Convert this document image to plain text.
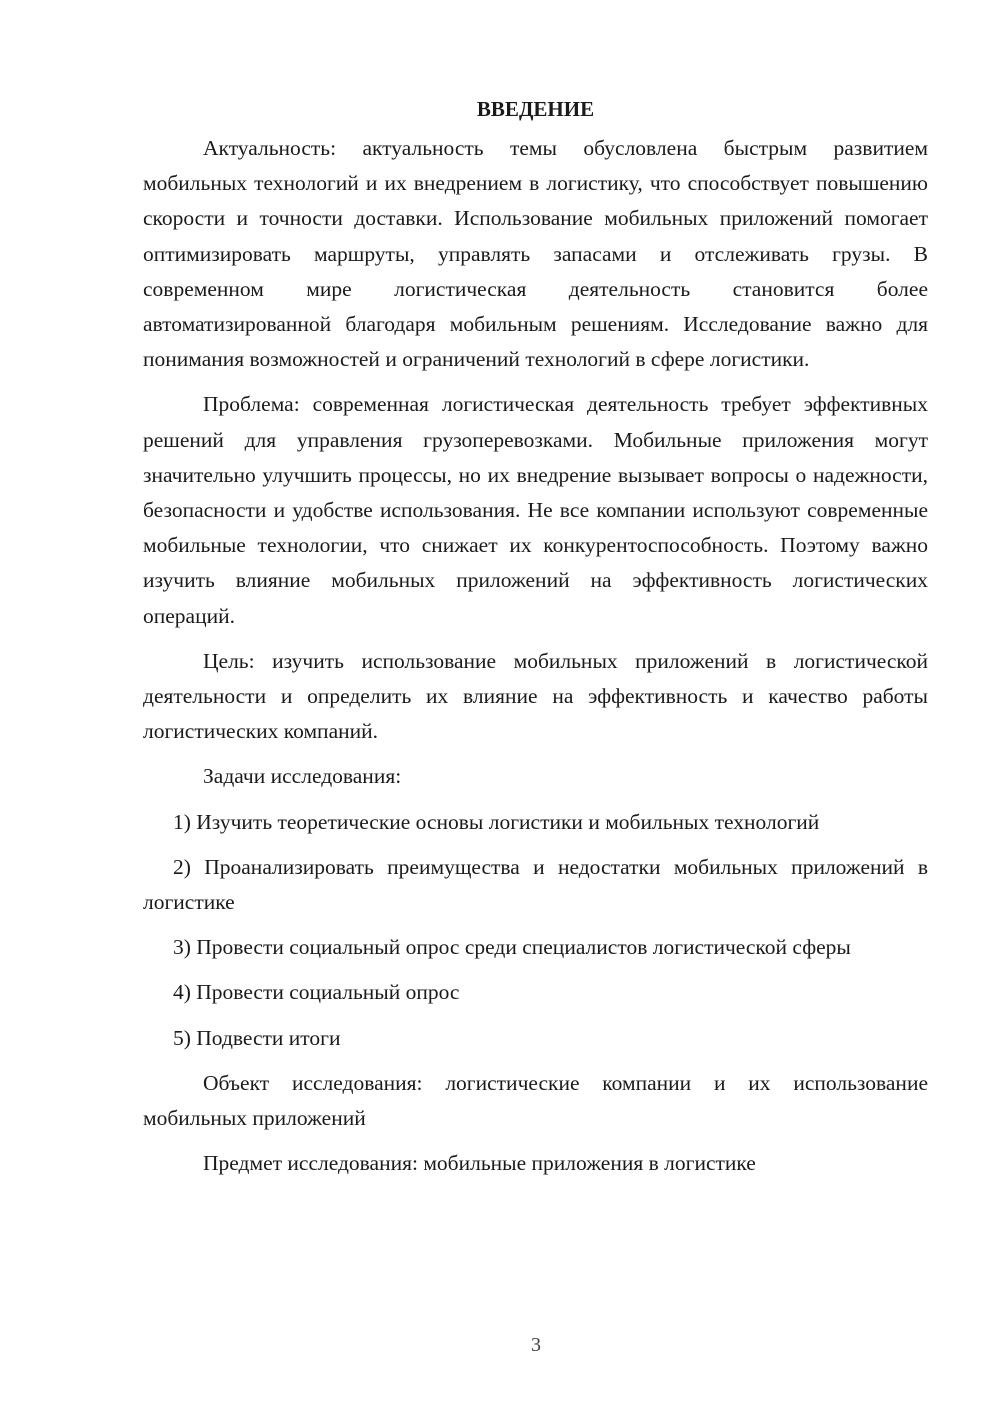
ВВЕДЕНИЕ

Актуальность: актуальность темы обусловлена быстрым развитием мобильных технологий и их внедрением в логистику, что способствует повышению скорости и точности доставки. Использование мобильных приложений помогает оптимизировать маршруты, управлять запасами и отслеживать грузы. В современном мире логистическая деятельность становится более автоматизированной благодаря мобильным решениям. Исследование важно для понимания возможностей и ограничений технологий в сфере логистики.

Проблема: современная логистическая деятельность требует эффективных решений для управления грузоперевозками. Мобильные приложения могут значительно улучшить процессы, но их внедрение вызывает вопросы о надежности, безопасности и удобстве использования. Не все компании используют современные мобильные технологии, что снижает их конкурентоспособность. Поэтому важно изучить влияние мобильных приложений на эффективность логистических операций.

Цель: изучить использование мобильных приложений в логистической деятельности и определить их влияние на эффективность и качество работы логистических компаний.

Задачи исследования:

1) Изучить теоретические основы логистики и мобильных технологий

2) Проанализировать преимущества и недостатки мобильных приложений в логистике

3) Провести социальный опрос среди специалистов логистической сферы

4) Провести социальный опрос

5) Подвести итоги

Объект исследования: логистические компании и их использование мобильных приложений

Предмет исследования: мобильные приложения в логистике

3
